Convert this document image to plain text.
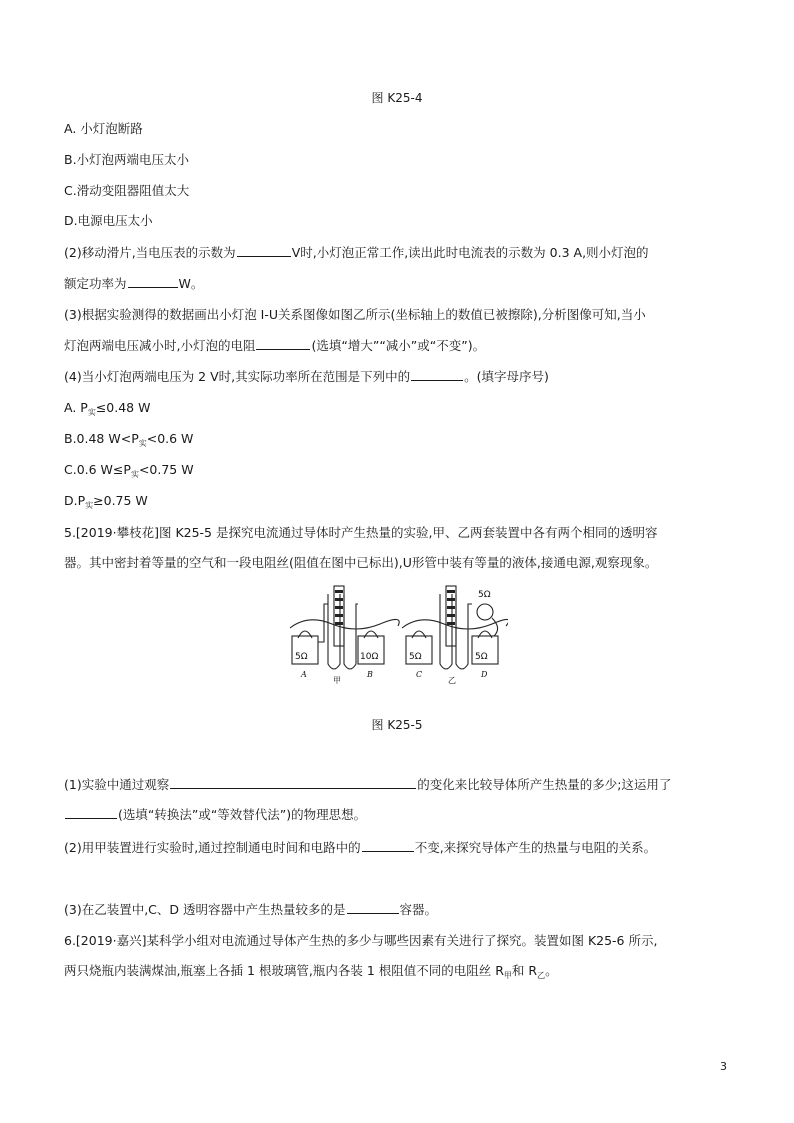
图 K25-4
A. 小灯泡断路
B.小灯泡两端电压太小
C.滑动变阻器阻值太大
D.电源电压太小
(2)移动滑片,当电压表的示数为	V时,小灯泡正常工作,读出此时电流表的示数为 0.3 A,则小灯泡的
额定功率为	W。
(3)根据实验测得的数据画出小灯泡 I-U关系图像如图乙所示(坐标轴上的数值已被擦除),分析图像可知,当小
灯泡两端电压减小时,小灯泡的电阻	(选填“增大”“减小”或“不变”)。
(4)当小灯泡两端电压为 2 V时,其实际功率所在范围是下列中的	。(填字母序号)
A. $P_实\le 0.48$ W
B.0.48 $W<P_实<0.6$ W
C.0.6 $W\le P_实<0.75$ W
$D.P_实\ge 0.75$ W
5.[2019·攀枝花]图 K25-5 是探究电流通过导体时产生热量的实验,甲、乙两套装置中各有两个相同的透明容
器。其中密封着等量的空气和一段电阻丝(阻值在图中已标出),U形管中装有等量的液体,接通电源,观察现象。
5Ω	10Ω	5Ω	5Ω
5Ω
A	B	C	D
甲	乙
图 K25-5
(1)实验中通过观察	的变化来比较导体所产生热量的多少;这运用了
(选填“转换法”或“等效替代法”)的物理思想。
(2)用甲装置进行实验时,通过控制通电时间和电路中的	不变,来探究导体产生的热量与电阻的关系。
(3)在乙装置中,C、D 透明容器中产生热量较多的是	容器。
6.[2019·嘉兴]某科学小组对电流通过导体产生热的多少与哪些因素有关进行了探究。装置如图 K25-6 所示,
两只烧瓶内装满煤油,瓶塞上各插 1 根玻璃管,瓶内各装 1 根阻值不同的电阻丝 $R_甲$和 $R_乙$。
3
